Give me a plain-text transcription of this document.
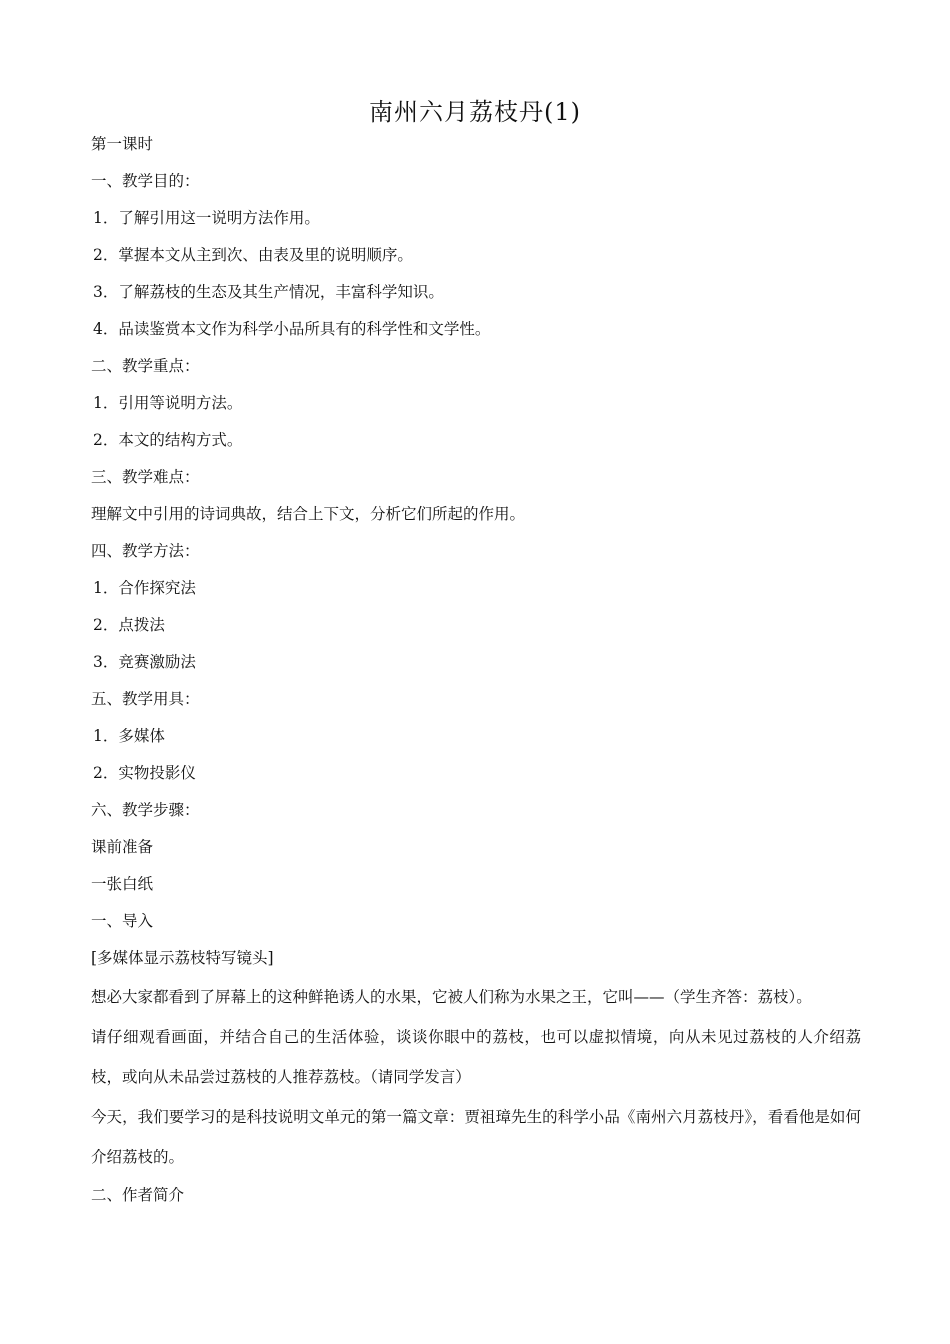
南州六月荔枝丹(1)
第一课时
一、教学目的：
1．了解引用这一说明方法作用。
2．掌握本文从主到次、由表及里的说明顺序。
3．了解荔枝的生态及其生产情况，丰富科学知识。
4．品读鉴赏本文作为科学小品所具有的科学性和文学性。
二、教学重点：
1．引用等说明方法。
2．本文的结构方式。
三、教学难点：
理解文中引用的诗词典故，结合上下文，分析它们所起的作用。
四、教学方法：
1．合作探究法
2．点拨法
3．竞赛激励法
五、教学用具：
1．多媒体
2．实物投影仪
六、教学步骤：
课前准备
一张白纸
一、导入
[多媒体显示荔枝特写镜头]
想必大家都看到了屏幕上的这种鲜艳诱人的水果，它被人们称为水果之王，它叫——（学生齐答：荔枝）。
请仔细观看画面，并结合自己的生活体验，谈谈你眼中的荔枝，也可以虚拟情境，向从未见过荔枝的人介绍荔枝，或向从未品尝过荔枝的人推荐荔枝。（请同学发言）
今天，我们要学习的是科技说明文单元的第一篇文章：贾祖璋先生的科学小品《南州六月荔枝丹》，看看他是如何介绍荔枝的。
二、作者简介
